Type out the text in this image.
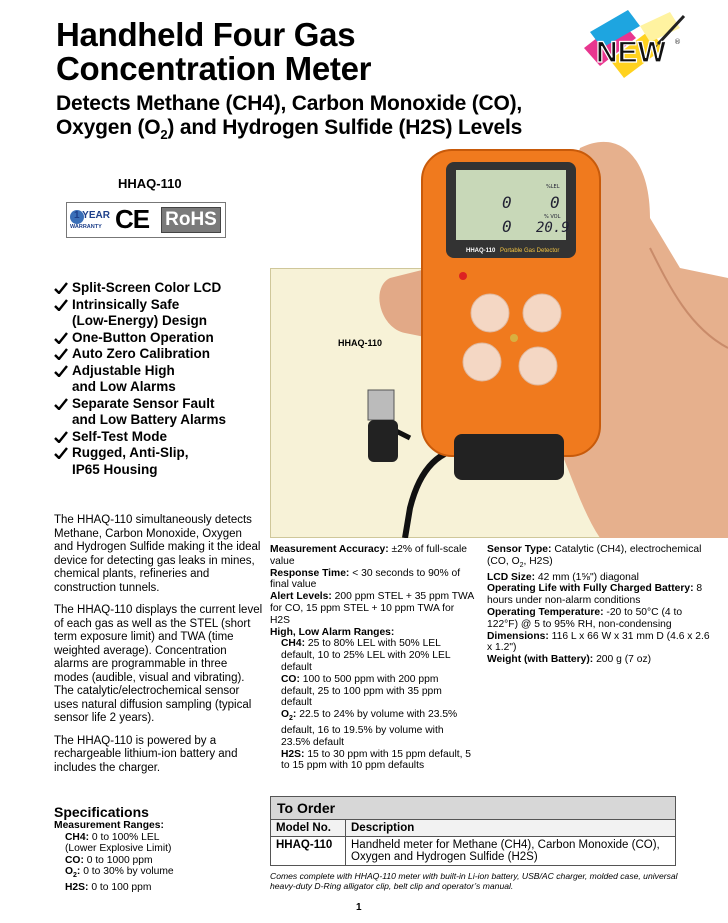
Handheld Four Gas
Concentration Meter
Detects Methane (CH4), Carbon Monoxide (CO),
Oxygen $(O_2)$ and Hydrogen Sulfide (H2S) Levels
NEW ®
HHAQ-110
1 YEAR
WARRANTY CE RoHS
Split-Screen Color LCD
Intrinsically Safe
(Low-Energy) Design
One-Button Operation
Auto Zero Calibration
Adjustable High
and Low Alarms
Separate Sensor Fault
and Low Battery Alarms
Self-Test Mode
Rugged, Anti-Slip,
IP65 Housing

The HHAQ-110 simultaneously detects Methane, Carbon Monoxide, Oxygen and Hydrogen Sulfide making it the ideal device for detecting gas leaks in mines, chemical plants, refineries and construction tunnels.

The HHAQ-110 displays the current level of each gas as well as the STEL (short term exposure limit) and TWA (time weighted average). Concentration alarms are programmable in three modes (audible, visual and vibrating). The catalytic/electrochemical sensor uses natural diffusion sampling (typical sensor life 2 years).

The HHAQ-110 is powered by a rechargeable lithium-ion battery and includes the charger.

HHAQ-110
0 0
0 20.9
%LEL
% VOL
HHAQ-110 Portable Gas Detector
Measurement Accuracy: ±2% of full-scale value
Response Time: < 30 seconds to 90% of final value
Alert Levels: 200 ppm STEL + 35 ppm TWA for CO, 15 ppm STEL + 10 ppm TWA for H2S
High, Low Alarm Ranges:
CH4: 25 to 80% LEL with 50% LEL default, 10 to 25% LEL with 20% LEL default
CO: 100 to 500 ppm with 200 ppm default, 25 to 100 ppm with 35 ppm default
$O_2$: 22.5 to 24% by volume with 23.5% default, 16 to 19.5% by volume with 23.5% default
H2S: 15 to 30 ppm with 15 ppm default, 5 to 15 ppm with 10 ppm defaults
Sensor Type: Catalytic (CH4), electrochemical (CO, $O_2$, H2S)
LCD Size: 42 mm (1⅝") diagonal
Operating Life with Fully Charged Battery: 8 hours under non-alarm conditions
Operating Temperature: -20 to 50°C (4 to 122°F) @ 5 to 95% RH, non-condensing
Dimensions: 116 L x 66 W x 31 mm D (4.6 x 2.6 x 1.2")
Weight (with Battery): 200 g (7 oz)
Specifications
Measurement Ranges:
CH4: 0 to 100% LEL
(Lower Explosive Limit)
CO: 0 to 1000 ppm
$O_2$: 0 to 30% by volume
H2S: 0 to 100 ppm
To Order	
Model No.	Description
HHAQ-110	Handheld meter for Methane (CH4), Carbon Monoxide (CO), Oxygen and Hydrogen Sulfide (H2S)
Comes complete with HHAQ-110 meter with built-in Li-ion battery, USB/AC charger, molded case, universal heavy-duty D-Ring alligator clip, belt clip and operator’s manual.
1
